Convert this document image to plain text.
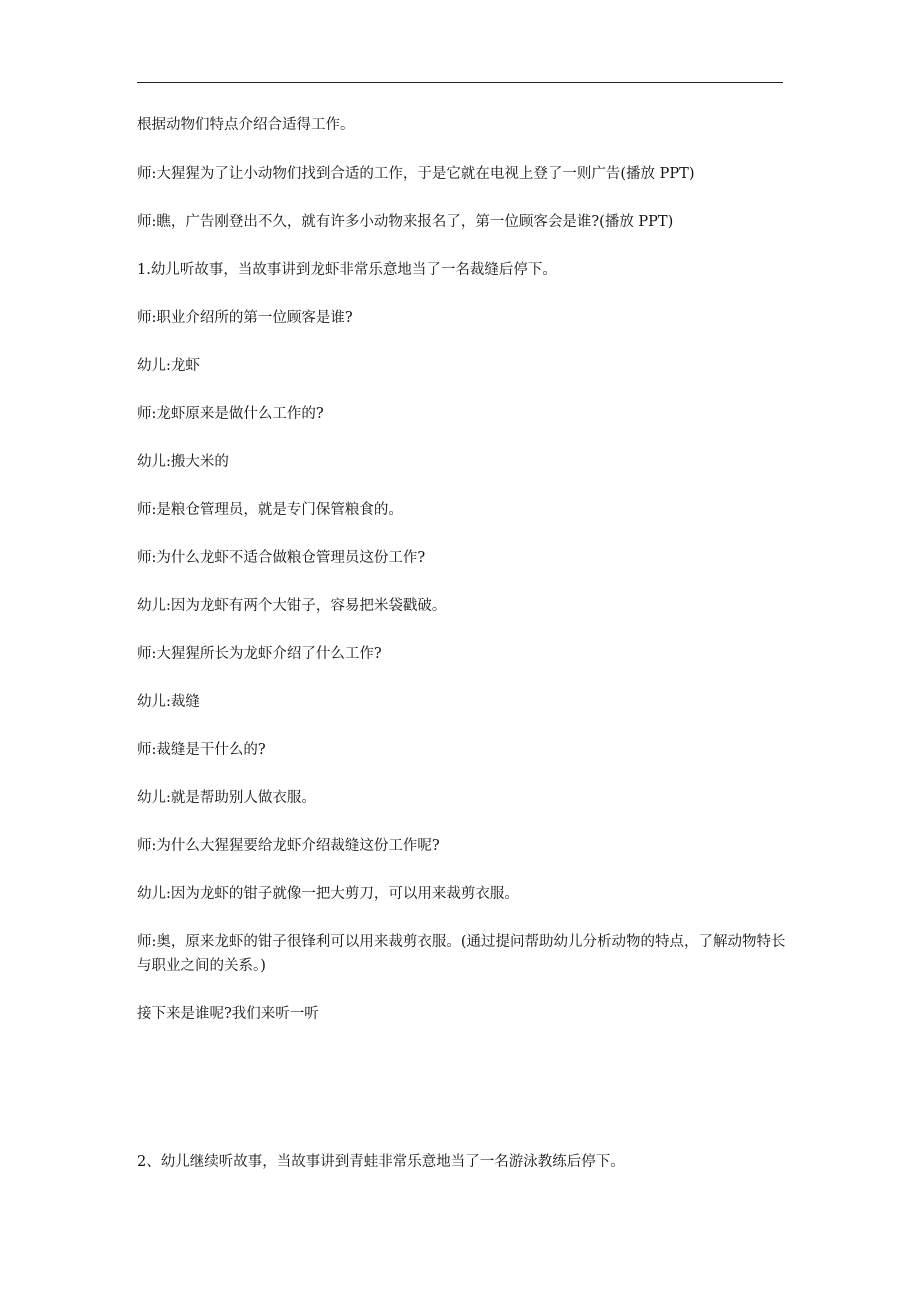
根据动物们特点介绍合适得工作。

师:大猩猩为了让小动物们找到合适的工作，于是它就在电视上登了一则广告(播放 PPT)

师:瞧，广告刚登出不久，就有许多小动物来报名了，第一位顾客会是谁?(播放 PPT)

1.幼儿听故事，当故事讲到龙虾非常乐意地当了一名裁缝后停下。

师:职业介绍所的第一位顾客是谁?

幼儿:龙虾

师:龙虾原来是做什么工作的?

幼儿:搬大米的

师:是粮仓管理员，就是专门保管粮食的。

师:为什么龙虾不适合做粮仓管理员这份工作?

幼儿:因为龙虾有两个大钳子，容易把米袋戳破。

师:大猩猩所长为龙虾介绍了什么工作?

幼儿:裁缝

师:裁缝是干什么的?

幼儿:就是帮助别人做衣服。

师:为什么大猩猩要给龙虾介绍裁缝这份工作呢?

幼儿:因为龙虾的钳子就像一把大剪刀，可以用来裁剪衣服。

师:奥，原来龙虾的钳子很锋利可以用来裁剪衣服。(通过提问帮助幼儿分析动物的特点，了解动物特长与职业之间的关系。)

接下来是谁呢?我们来听一听

2、幼儿继续听故事，当故事讲到青蛙非常乐意地当了一名游泳教练后停下。
